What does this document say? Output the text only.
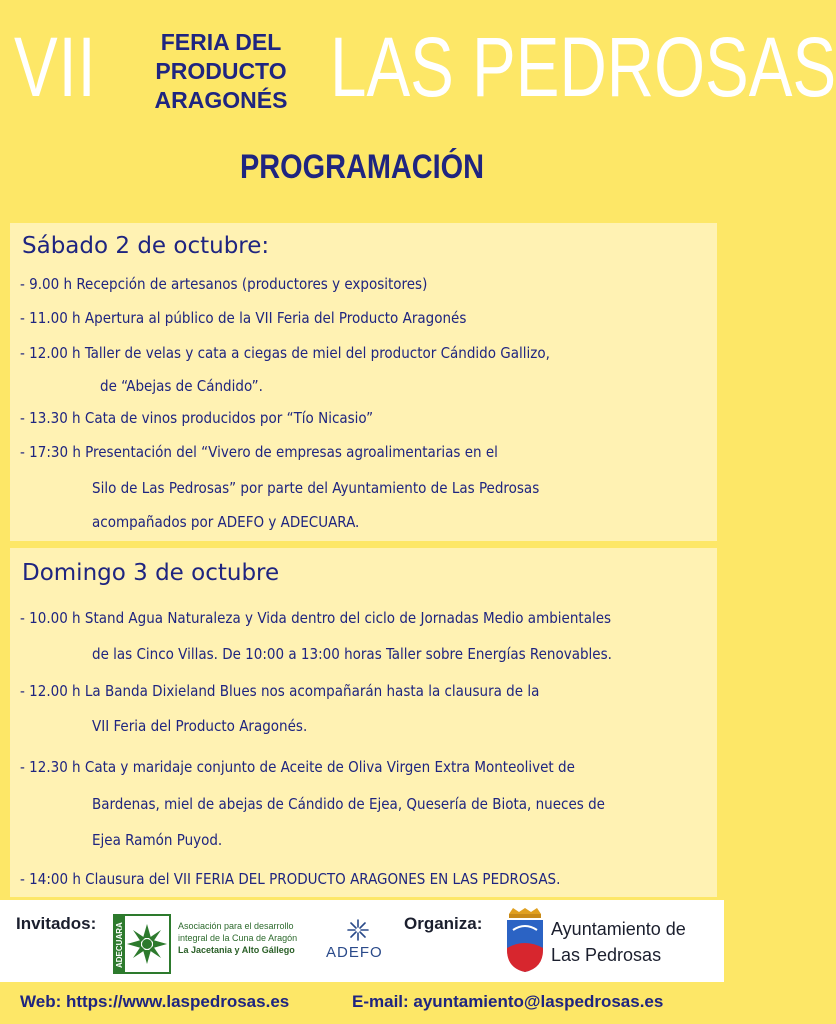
VII	FERIA DEL
PRODUCTO
ARAGONÉS LAS PEDROSAS
PROGRAMACIÓN
Sábado 2 de octubre:
- 9.00 h Recepción de artesanos (productores y expositores)
- 11.00 h Apertura al público de la VII Feria del Producto Aragonés
- 12.00 h Taller de velas y cata a ciegas de miel del productor Cándido Gallizo,
de “Abejas de Cándido”.
- 13.30 h Cata de vinos producidos por “Tío Nicasio”
- 17:30 h Presentación del “Vivero de empresas agroalimentarias en el
Silo de Las Pedrosas” por parte del Ayuntamiento de Las Pedrosas
acompañados por ADEFO y ADECUARA.
Domingo 3 de octubre
- 10.00 h Stand Agua Naturaleza y Vida dentro del ciclo de Jornadas Medio ambientales
de las Cinco Villas. De 10:00 a 13:00 horas Taller sobre Energías Renovables.
- 12.00 h La Banda Dixieland Blues nos acompañarán hasta la clausura de la
VII Feria del Producto Aragonés.
- 12.30 h Cata y maridaje conjunto de Aceite de Oliva Virgen Extra Monteolivet de
Bardenas, miel de abejas de Cándido de Ejea, Quesería de Biota, nueces de
Ejea Ramón Puyod.
- 14:00 h Clausura del VII FERIA DEL PRODUCTO ARAGONES EN LAS PEDROSAS.
Invitados: ADECUARA	Asociación para el desarrollo
integral de la Cuna de Aragón
La Jacetania y Alto Gállego ADEFO
Organiza:	Ayuntamiento de
Las Pedrosas
Web: https://www.laspedrosas.es	E-mail: ayuntamiento@laspedrosas.es
